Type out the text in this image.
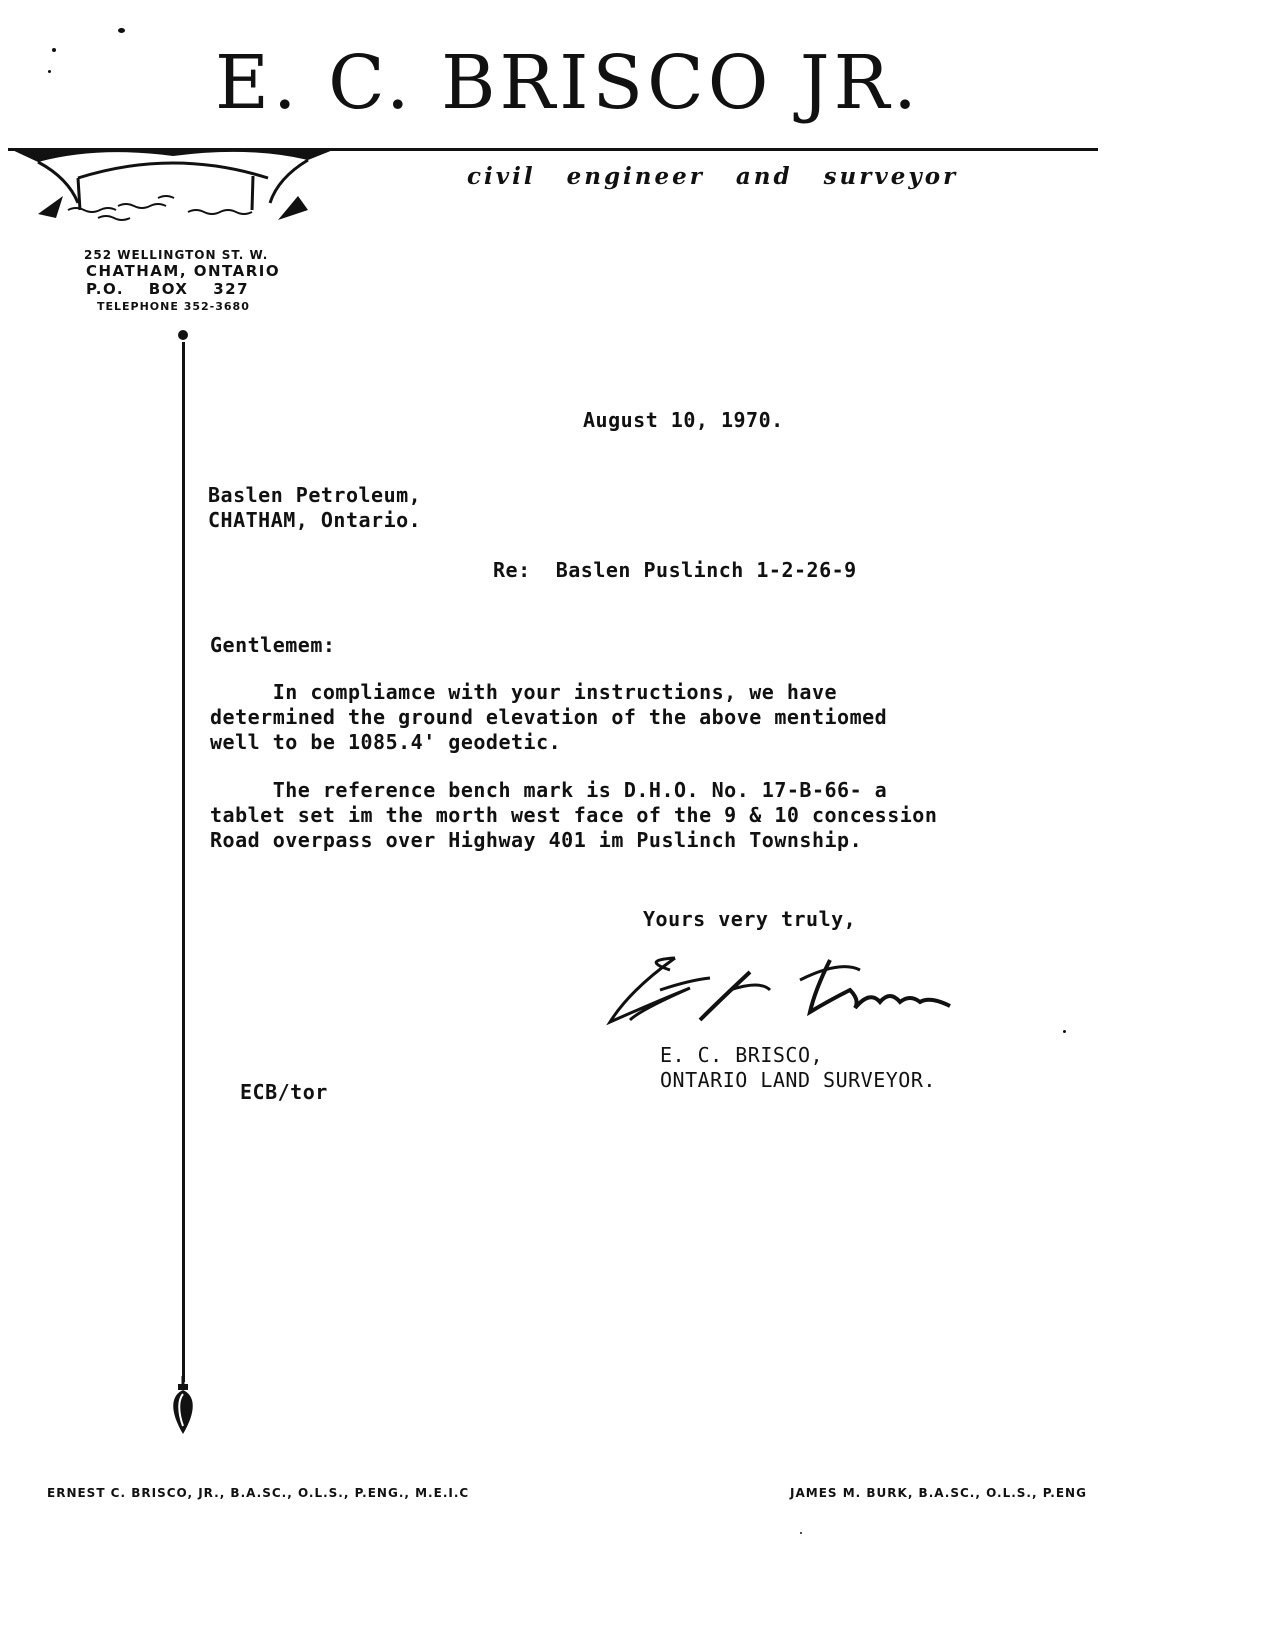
E. C. BRISCO JR.
civil engineer and surveyor
252 WELLINGTON ST. W.
CHATHAM, ONTARIO
P.O. BOX 327
TELEPHONE 352-3680
August 10, 1970.
Baslen Petroleum,
CHATHAM, Ontario.
Re:  Baslen Puslinch 1-2-26-9
Gentlemem:
In compliamce with your instructions, we have
determined the ground elevation of the above mentiomed
well to be 1085.4' geodetic.
The reference bench mark is D.H.O. No. 17-B-66- a
tablet set im the morth west face of the 9 & 10 concession
Road overpass over Highway 401 im Puslinch Township.
Yours very truly,
E. C. BRISCO,
ONTARIO LAND SURVEYOR.
ECB/tor
ERNEST C. BRISCO, JR., B.A.SC., O.L.S., P.ENG., M.E.I.C	JAMES M. BURK, B.A.SC., O.L.S., P.ENG
